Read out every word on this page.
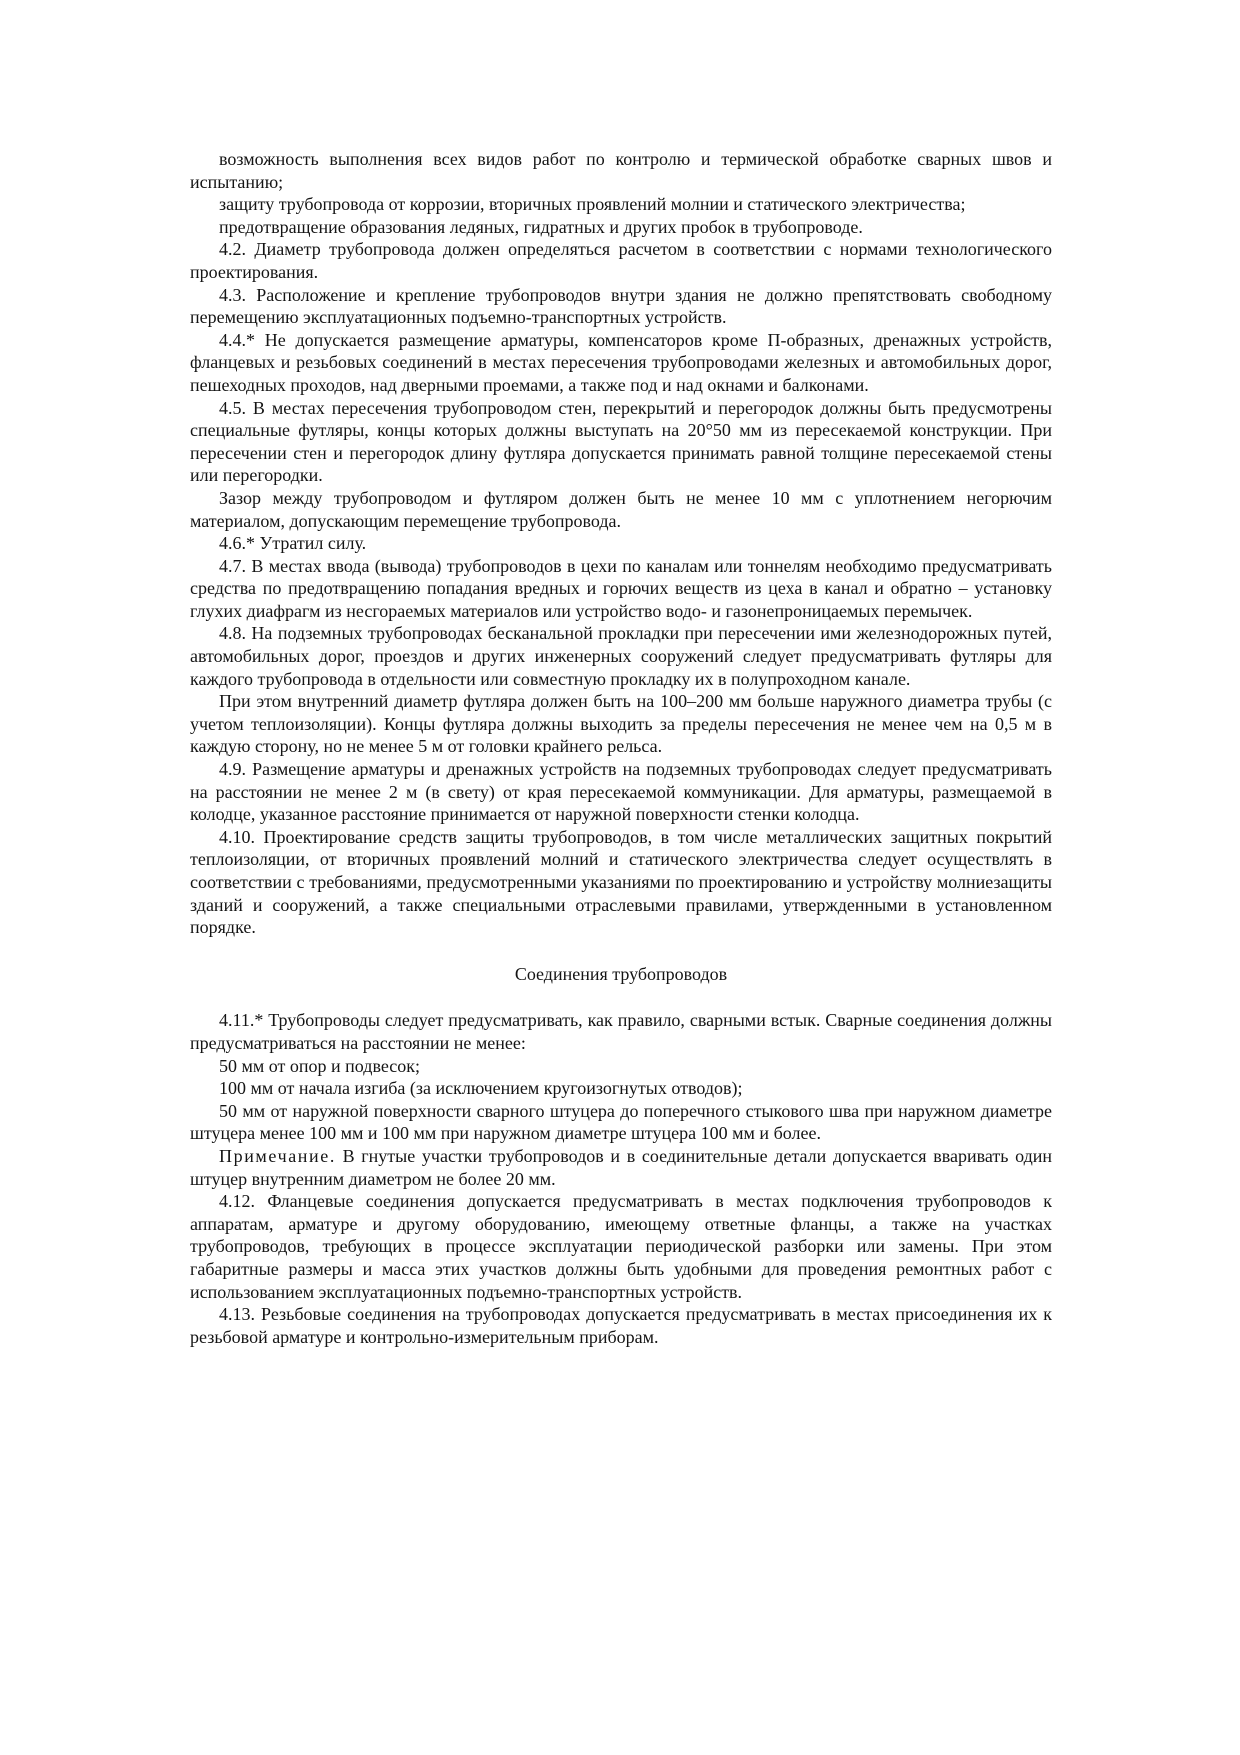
возможность выполнения всех видов работ по контролю и термической обработке сварных швов и испытанию;

защиту трубопровода от коррозии, вторичных проявлений молнии и статического электричества;

предотвращение образования ледяных, гидратных и других пробок в трубопроводе.

4.2. Диаметр трубопровода должен определяться расчетом в соответствии с нормами технологического проектирования.

4.3. Расположение и крепление трубопроводов внутри здания не должно препятствовать свободному перемещению эксплуатационных подъемно-транспортных устройств.

4.4.* Не допускается размещение арматуры, компенсаторов кроме П-образных, дренажных устройств, фланцевых и резьбовых соединений в местах пересечения трубопроводами железных и автомобильных дорог, пешеходных проходов, над дверными проемами, а также под и над окнами и балконами.

4.5. В местах пересечения трубопроводом стен, перекрытий и перегородок должны быть предусмотрены специальные футляры, концы которых должны выступать на 20°50 мм из пересекаемой конструкции. При пересечении стен и перегородок длину футляра допускается принимать равной толщине пересекаемой стены или перегородки.

Зазор между трубопроводом и футляром должен быть не менее 10 мм с уплотнением негорючим материалом, допускающим перемещение трубопровода.

4.6.* Утратил силу.

4.7. В местах ввода (вывода) трубопроводов в цехи по каналам или тоннелям необходимо предусматривать средства по предотвращению попадания вредных и горючих веществ из цеха в канал и обратно – установку глухих диафрагм из несгораемых материалов или устройство водо- и газонепроницаемых перемычек.

4.8. На подземных трубопроводах бесканальной прокладки при пересечении ими железнодорожных путей, автомобильных дорог, проездов и других инженерных сооружений следует предусматривать футляры для каждого трубопровода в отдельности или совместную прокладку их в полупроходном канале.

При этом внутренний диаметр футляра должен быть на 100–200 мм больше наружного диаметра трубы (с учетом теплоизоляции). Концы футляра должны выходить за пределы пересечения не менее чем на 0,5 м в каждую сторону, но не менее 5 м от головки крайнего рельса.

4.9. Размещение арматуры и дренажных устройств на подземных трубопроводах следует предусматривать на расстоянии не менее 2 м (в свету) от края пересекаемой коммуникации. Для арматуры, размещаемой в колодце, указанное расстояние принимается от наружной поверхности стенки колодца.

4.10. Проектирование средств защиты трубопроводов, в том числе металлических защитных покрытий теплоизоляции, от вторичных проявлений молний и статического электричества следует осуществлять в соответствии с требованиями, предусмотренными указаниями по проектированию и устройству молниезащиты зданий и сооружений, а также специальными отраслевыми правилами, утвержденными в установленном порядке.

Соединения трубопроводов

4.11.* Трубопроводы следует предусматривать, как правило, сварными встык. Сварные соединения должны предусматриваться на расстоянии не менее:

50 мм от опор и подвесок;

100 мм от начала изгиба (за исключением кругоизогнутых отводов);

50 мм от наружной поверхности сварного штуцера до поперечного стыкового шва при наружном диаметре штуцера менее 100 мм и 100 мм при наружном диаметре штуцера 100 мм и более.

Примечание. В гнутые участки трубопроводов и в соединительные детали допускается вваривать один штуцер внутренним диаметром не более 20 мм.

4.12. Фланцевые соединения допускается предусматривать в местах подключения трубопроводов к аппаратам, арматуре и другому оборудованию, имеющему ответные фланцы, а также на участках трубопроводов, требующих в процессе эксплуатации периодической разборки или замены. При этом габаритные размеры и масса этих участков должны быть удобными для проведения ремонтных работ с использованием эксплуатационных подъемно-транспортных устройств.

4.13. Резьбовые соединения на трубопроводах допускается предусматривать в местах присоединения их к резьбовой арматуре и контрольно-измерительным приборам.
